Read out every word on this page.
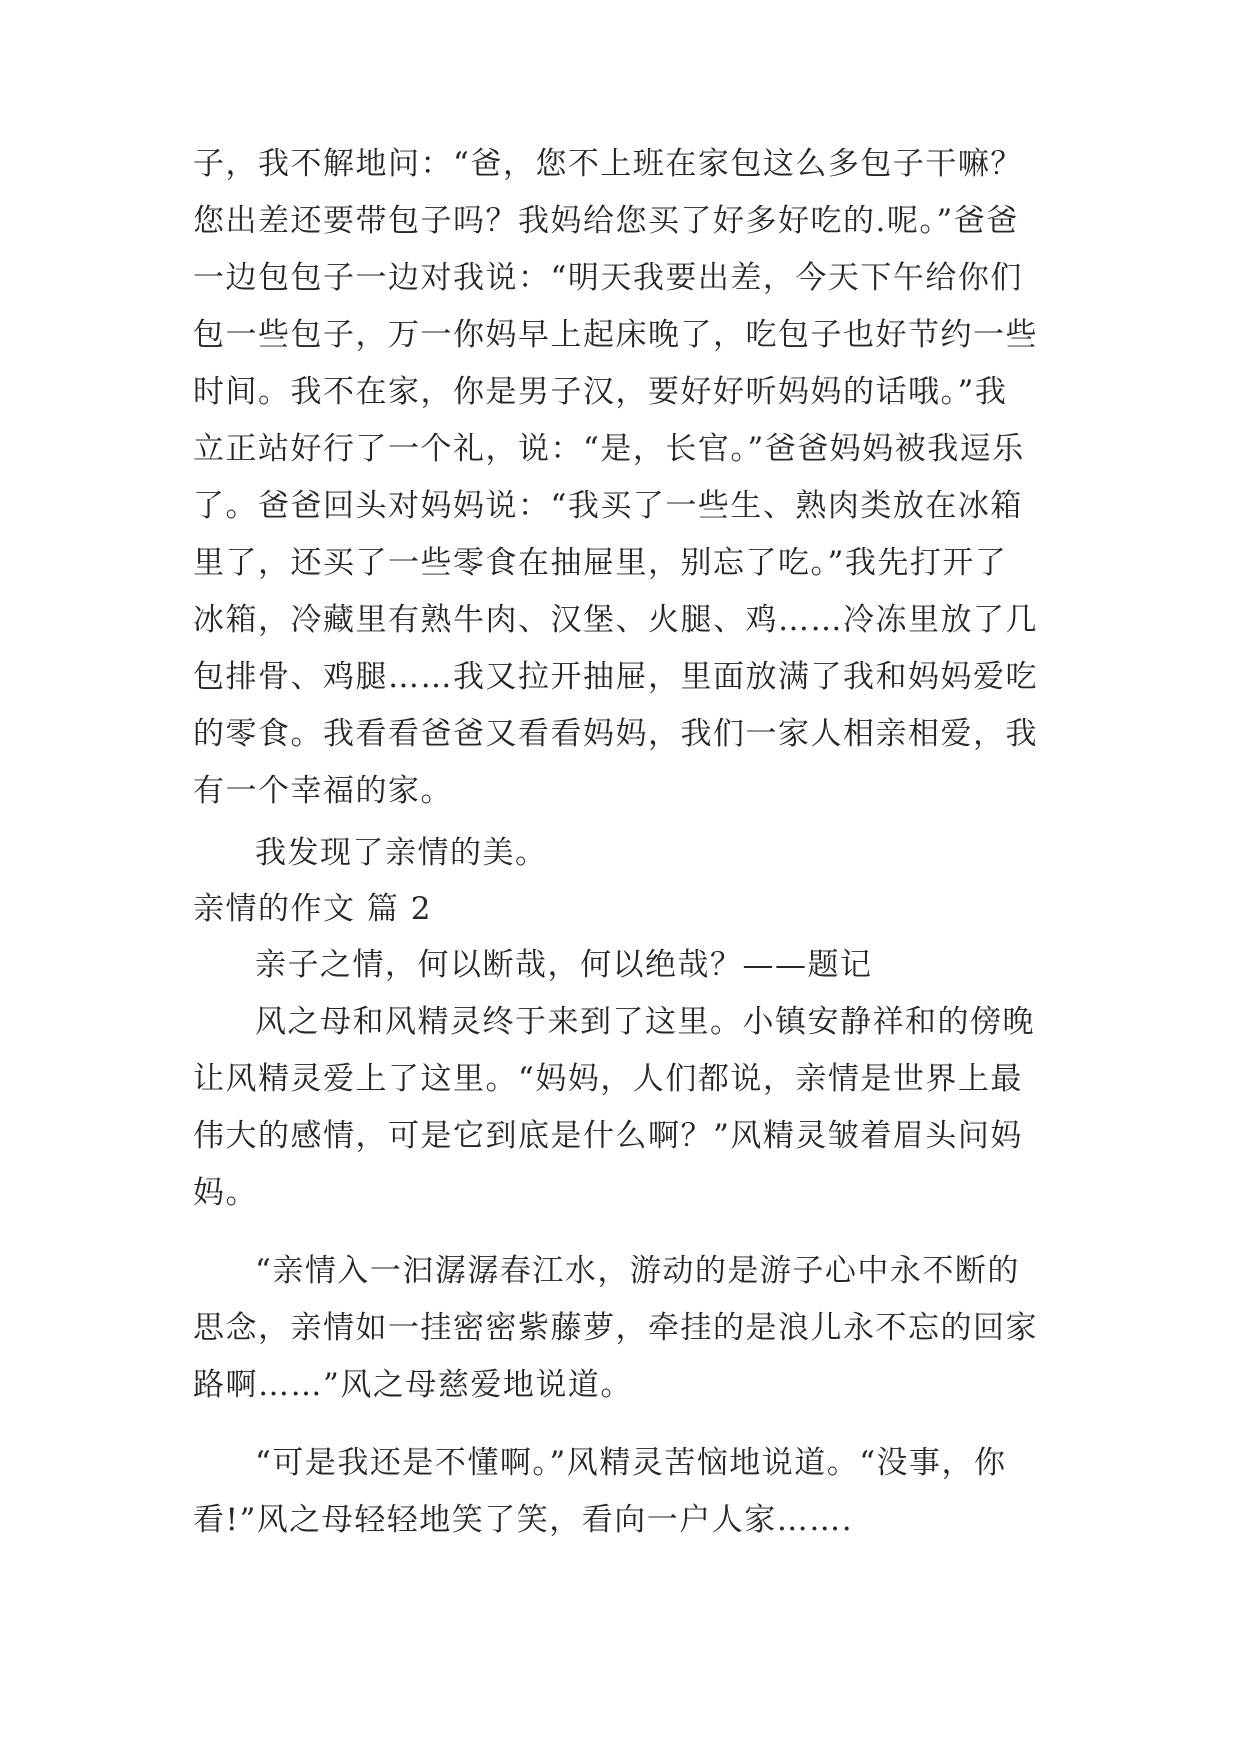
子，我不解地问：“爸，您不上班在家包这么多包子干嘛？
您出差还要带包子吗？我妈给您买了好多好吃的.呢。”爸爸
一边包包子一边对我说：“明天我要出差，今天下午给你们
包一些包子，万一你妈早上起床晚了，吃包子也好节约一些
时间。我不在家，你是男子汉，要好好听妈妈的话哦。”我
立正站好行了一个礼，说：“是，长官。”爸爸妈妈被我逗乐
了。爸爸回头对妈妈说：“我买了一些生、熟肉类放在冰箱
里了，还买了一些零食在抽屉里，别忘了吃。”我先打开了
冰箱，冷藏里有熟牛肉、汉堡、火腿、鸡……冷冻里放了几
包排骨、鸡腿……我又拉开抽屉，里面放满了我和妈妈爱吃
的零食。我看看爸爸又看看妈妈，我们一家人相亲相爱，我
有一个幸福的家。
我发现了亲情的美。
亲情的作文 篇 2
亲子之情，何以断哉，何以绝哉？——题记
风之母和风精灵终于来到了这里。小镇安静祥和的傍晚
让风精灵爱上了这里。“妈妈，人们都说，亲情是世界上最
伟大的感情，可是它到底是什么啊？”风精灵皱着眉头问妈
妈。
“亲情入一汩潺潺春江水，游动的是游子心中永不断的
思念，亲情如一挂密密紫藤萝，牵挂的是浪儿永不忘的回家
路啊……”风之母慈爱地说道。
“可是我还是不懂啊。”风精灵苦恼地说道。“没事，你
看!”风之母轻轻地笑了笑，看向一户人家…….
